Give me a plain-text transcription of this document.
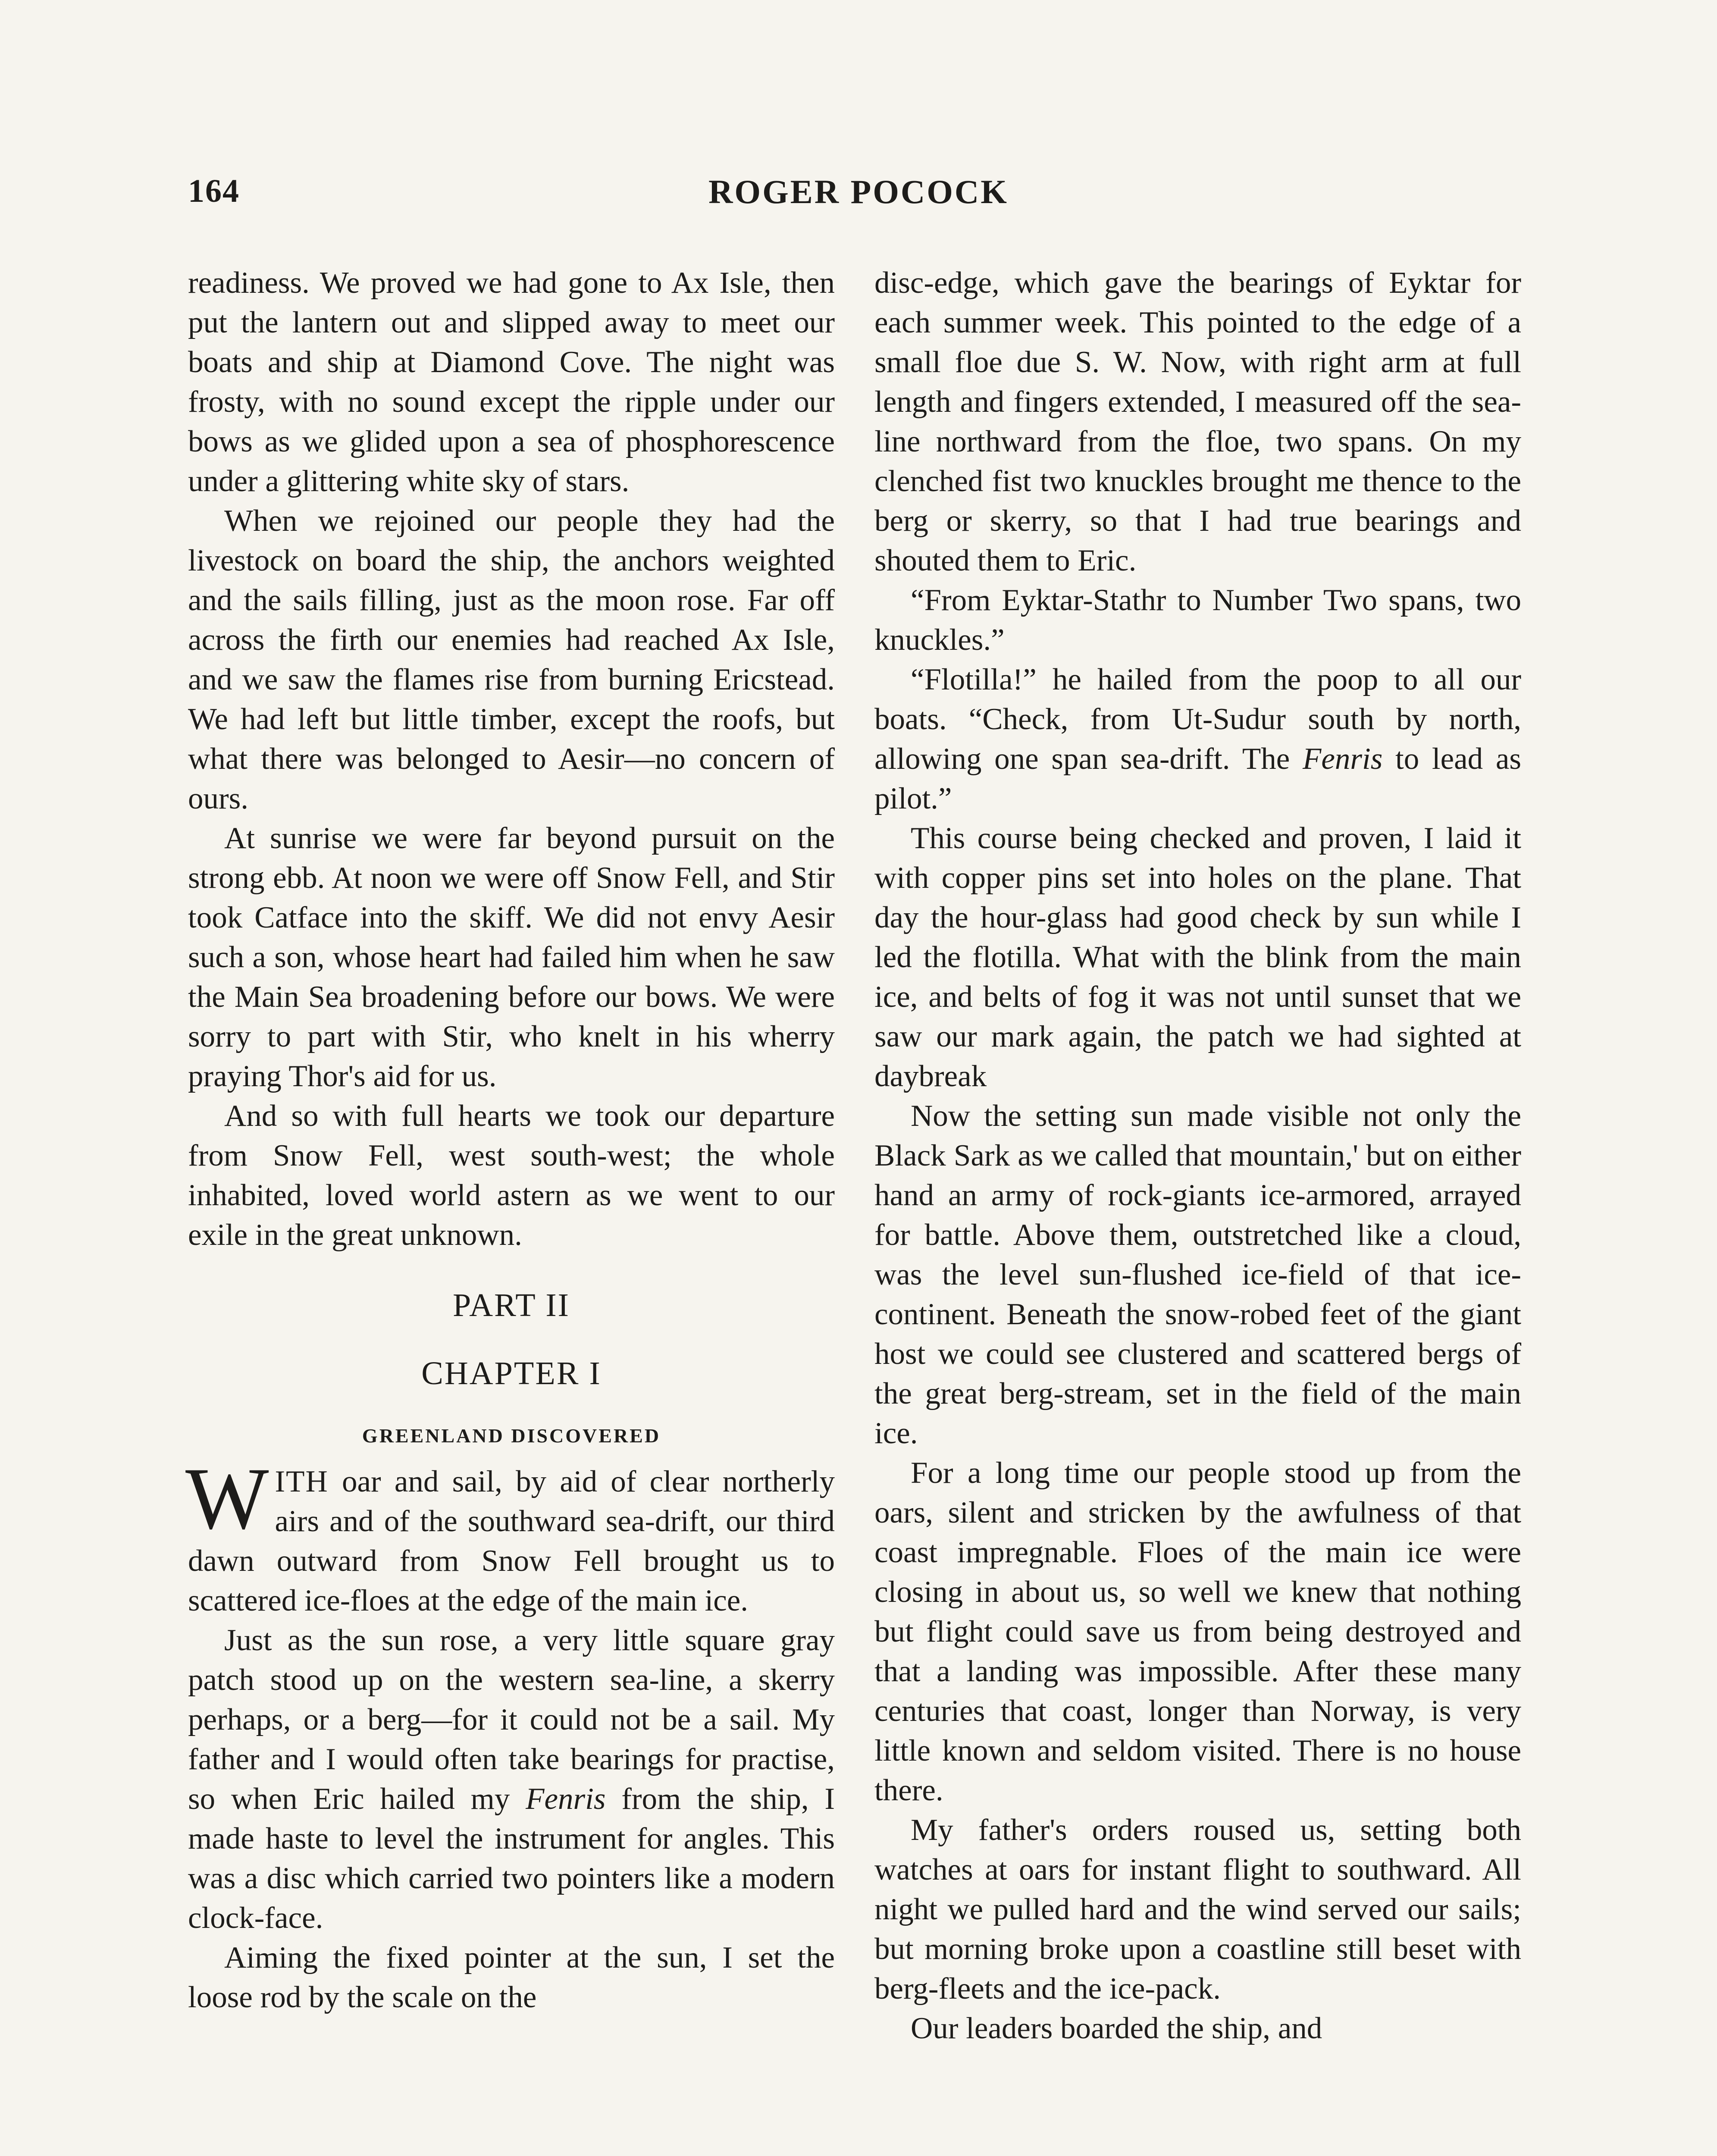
164	ROGER POCOCK

readiness. We proved we had gone to Ax Isle, then put the lantern out and slipped away to meet our boats and ship at Diamond Cove. The night was frosty, with no sound except the ripple under our bows as we glided upon a sea of phosphorescence under a glittering white sky of stars.

When we rejoined our people they had the livestock on board the ship, the anchors weighted and the sails filling, just as the moon rose. Far off across the firth our enemies had reached Ax Isle, and we saw the flames rise from burning Ericstead. We had left but little timber, except the roofs, but what there was belonged to Aesir—no concern of ours.

At sunrise we were far beyond pursuit on the strong ebb. At noon we were off Snow Fell, and Stir took Catface into the skiff. We did not envy Aesir such a son, whose heart had failed him when he saw the Main Sea broadening before our bows. We were sorry to part with Stir, who knelt in his wherry praying Thor's aid for us.

And so with full hearts we took our departure from Snow Fell, west south-west; the whole inhabited, loved world astern as we went to our exile in the great unknown.

PART II
CHAPTER I
GREENLAND DISCOVERED

WITH oar and sail, by aid of clear northerly airs and of the southward sea-drift, our third dawn outward from Snow Fell brought us to scattered ice-floes at the edge of the main ice.

Just as the sun rose, a very little square gray patch stood up on the western sea-line, a skerry perhaps, or a berg—for it could not be a sail. My father and I would often take bearings for practise, so when Eric hailed my Fenris from the ship, I made haste to level the instrument for angles. This was a disc which carried two pointers like a modern clock-face.

Aiming the fixed pointer at the sun, I set the loose rod by the scale on the

disc-edge, which gave the bearings of Eyktar for each summer week. This pointed to the edge of a small floe due S. W. Now, with right arm at full length and fingers extended, I measured off the sea-line northward from the floe, two spans. On my clenched fist two knuckles brought me thence to the berg or skerry, so that I had true bearings and shouted them to Eric.

“From Eyktar-Stathr to Number Two spans, two knuckles.”

“Flotilla!” he hailed from the poop to all our boats. “Check, from Ut-Sudur south by north, allowing one span sea-drift. The Fenris to lead as pilot.”

This course being checked and proven, I laid it with copper pins set into holes on the plane. That day the hour-glass had good check by sun while I led the flotilla. What with the blink from the main ice, and belts of fog it was not until sunset that we saw our mark again, the patch we had sighted at daybreak

Now the setting sun made visible not only the Black Sark as we called that mountain,' but on either hand an army of rock-giants ice-armored, arrayed for battle. Above them, outstretched like a cloud, was the level sun-flushed ice-field of that ice-continent. Beneath the snow-robed feet of the giant host we could see clustered and scattered bergs of the great berg-stream, set in the field of the main ice.

For a long time our people stood up from the oars, silent and stricken by the awfulness of that coast impregnable. Floes of the main ice were closing in about us, so well we knew that nothing but flight could save us from being destroyed and that a landing was impossible. After these many centuries that coast, longer than Norway, is very little known and seldom visited. There is no house there.

My father's orders roused us, setting both watches at oars for instant flight to southward. All night we pulled hard and the wind served our sails; but morning broke upon a coastline still beset with berg-fleets and the ice-pack.

Our leaders boarded the ship, and
